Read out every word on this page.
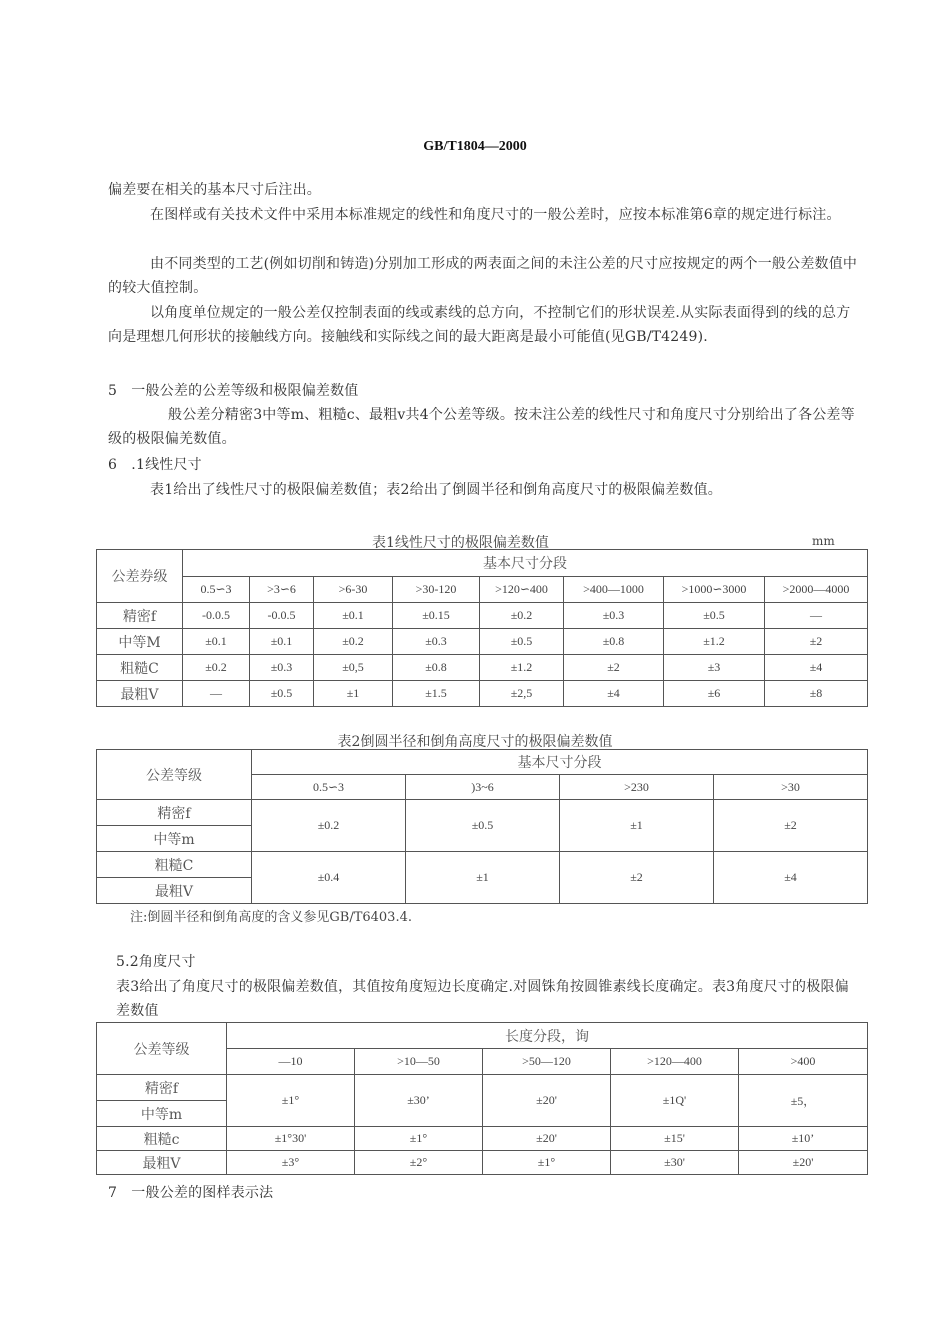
GB/T1804—2000
偏差要在相关的基本尺寸后注出。
在图样或有关技术文件中采用本标准规定的线性和角度尺寸的一般公差时，应按本标准第6章的规定进行标注。
由不同类型的工艺(例如切削和铸造)分别加工形成的两表面之间的未注公差的尺寸应按规定的两个一般公差数值中的较大值控制。
以角度单位规定的一般公差仅控制表面的线或素线的总方向，不控制它们的形状误差.从实际表面得到的线的总方向是理想几何形状的接触线方向。接触线和实际线之间的最大距离是最小可能值(见GB/T4249).
5　一般公差的公差等级和极限偏差数值
般公差分精密3中等m、粗糙c、最粗v共4个公差等级。按未注公差的线性尺寸和角度尺寸分别给出了各公差等级的极限偏羌数值。
6　.1线性尺寸
表1给出了线性尺寸的极限偏差数值；表2给出了倒圆半径和倒角高度尺寸的极限偏差数值。
表1线性尺寸的极限偏差数值	mm
公差券级	基本尺寸分段							
	0.5∽3	>3∽6	>6-30	>30-120	>120∽400	>400—1000	>1000∽3000	>2000—4000
精密f	-0.0.5	-0.0.5	±0.1	±0.15	±0.2	±0.3	±0.5	—
中等M	±0.1	±0.1	±0.2	±0.3	±0.5	±0.8	±1.2	±2
粗糙C	±0.2	±0.3	±0,5	±0.8	±1.2	±2	±3	±4
最粗V	—	±0.5	±1	±1.5	±2,5	±4	±6	±8
表2倒圆半径和倒角高度尺寸的极限偏差数值
公差等级	基本尺寸分段			
	0.5∽3	)3~6	>230	>30
精密f	±0.2	±0.5	±1	±2
中等m				
粗糙C	±0.4	±1	±2	±4
最粗V				
注:倒圆半径和倒角高度的含义参见GB/T6403.4.
5.2角度尺寸
表3给出了角度尺寸的极限偏差数值，其值按角度短边长度确定.对圆铢角按圆锥素线长度确定。表3角度尺寸的极限偏差数值
公差等级	长度分段，询				
	—10	>10—50	>50—120	>120—400	>400
精密f	±1°	±30’	±20'	±1Q'	±5，
中等m					
粗糙c	±1°30'	±1°	±20'	±15'	±10’
最粗V	±3°	±2°	±1°	±30'	±20'
7　一般公差的图样表示法
